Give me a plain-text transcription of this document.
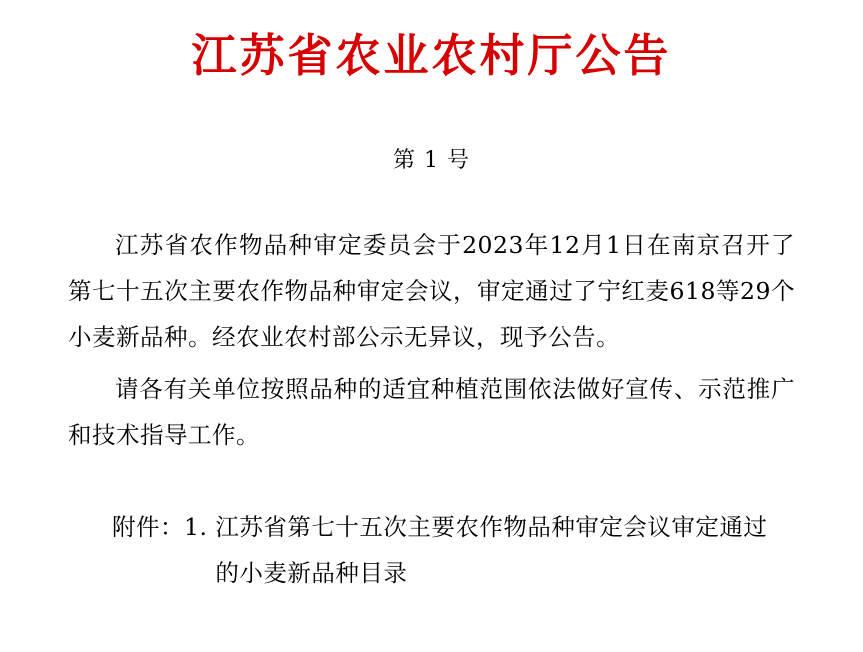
江苏省农业农村厅公告
第 1 号

江苏省农作物品种审定委员会于2023年12月1日在南京召开了第七十五次主要农作物品种审定会议，审定通过了宁红麦618等29个小麦新品种。经农业农村部公示无异议，现予公告。

请各有关单位按照品种的适宜种植范围依法做好宣传、示范推广和技术指导工作。

附件： 1. 江苏省第七十五次主要农作物品种审定会议审定通过的小麦新品种目录
